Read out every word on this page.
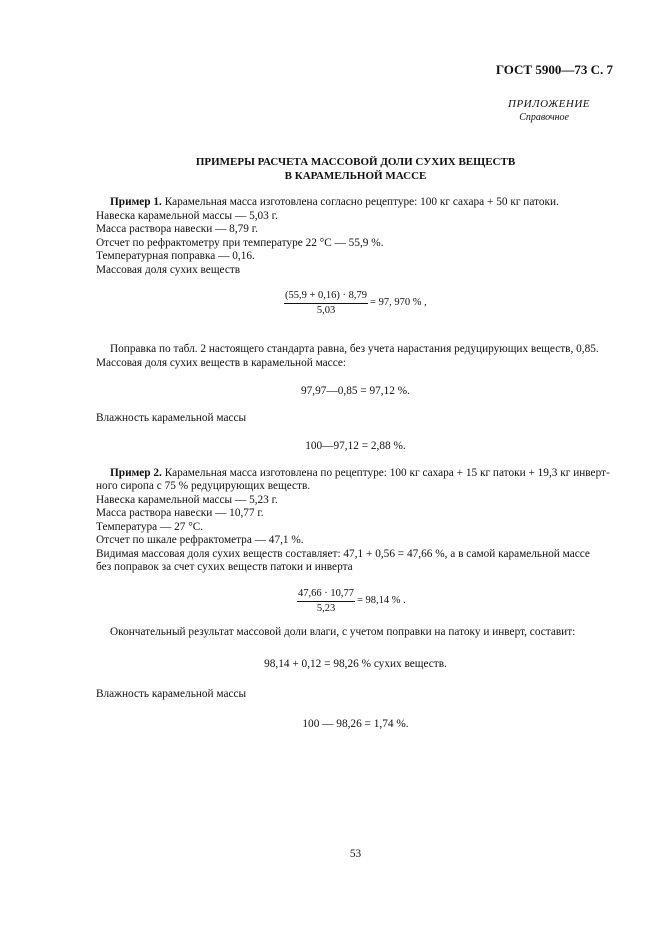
ГОСТ 5900—73 С. 7
ПРИЛОЖЕНИЕ
Справочное
ПРИМЕРЫ РАСЧЕТА МАССОВОЙ ДОЛИ СУХИХ ВЕЩЕСТВ
В КАРАМЕЛЬНОЙ МАССЕ
Пример 1. Карамельная масса изготовлена согласно рецептуре: 100 кг сахара + 50 кг патоки.
Навеска карамельной массы — 5,03 г.
Масса раствора навески — 8,79 г.
Отсчет по рефрактометру при температуре 22 °С — 55,9 %.
Температурная поправка — 0,16.
Массовая доля сухих веществ
$\frac{(55,9 + 0,16) \cdot 8,79}{5,03} = 97$, 970 % ,
Поправка по табл. 2 настоящего стандарта равна, без учета нарастания редуцирующих веществ, 0,85.
Массовая доля сухих веществ в карамельной массе:
97,97—0,85 = 97,12 %.
Влажность карамельной массы
100—97,12 = 2,88 %.
Пример 2. Карамельная масса изготовлена по рецептуре: 100 кг сахара + 15 кг патоки + 19,3 кг инверт-
ного сиропа с 75 % редуцирующих веществ.
Навеска карамельной массы — 5,23 г.
Масса раствора навески — 10,77 г.
Температура — 27 °С.
Отсчет по шкале рефрактометра — 47,1 %.
Видимая массовая доля сухих веществ составляет: 47,1 + 0,56 = 47,66 %, а в самой карамельной массе
без поправок за счет сухих веществ патоки и инверта
$\frac{47,66 \cdot 10,77}{5,23} = 98,14$ % .
Окончательный результат массовой доли влаги, с учетом поправки на патоку и инверт, составит:
98,14 + 0,12 = 98,26 % сухих веществ.
Влажность карамельной массы
100 — 98,26 = 1,74 %.
53
